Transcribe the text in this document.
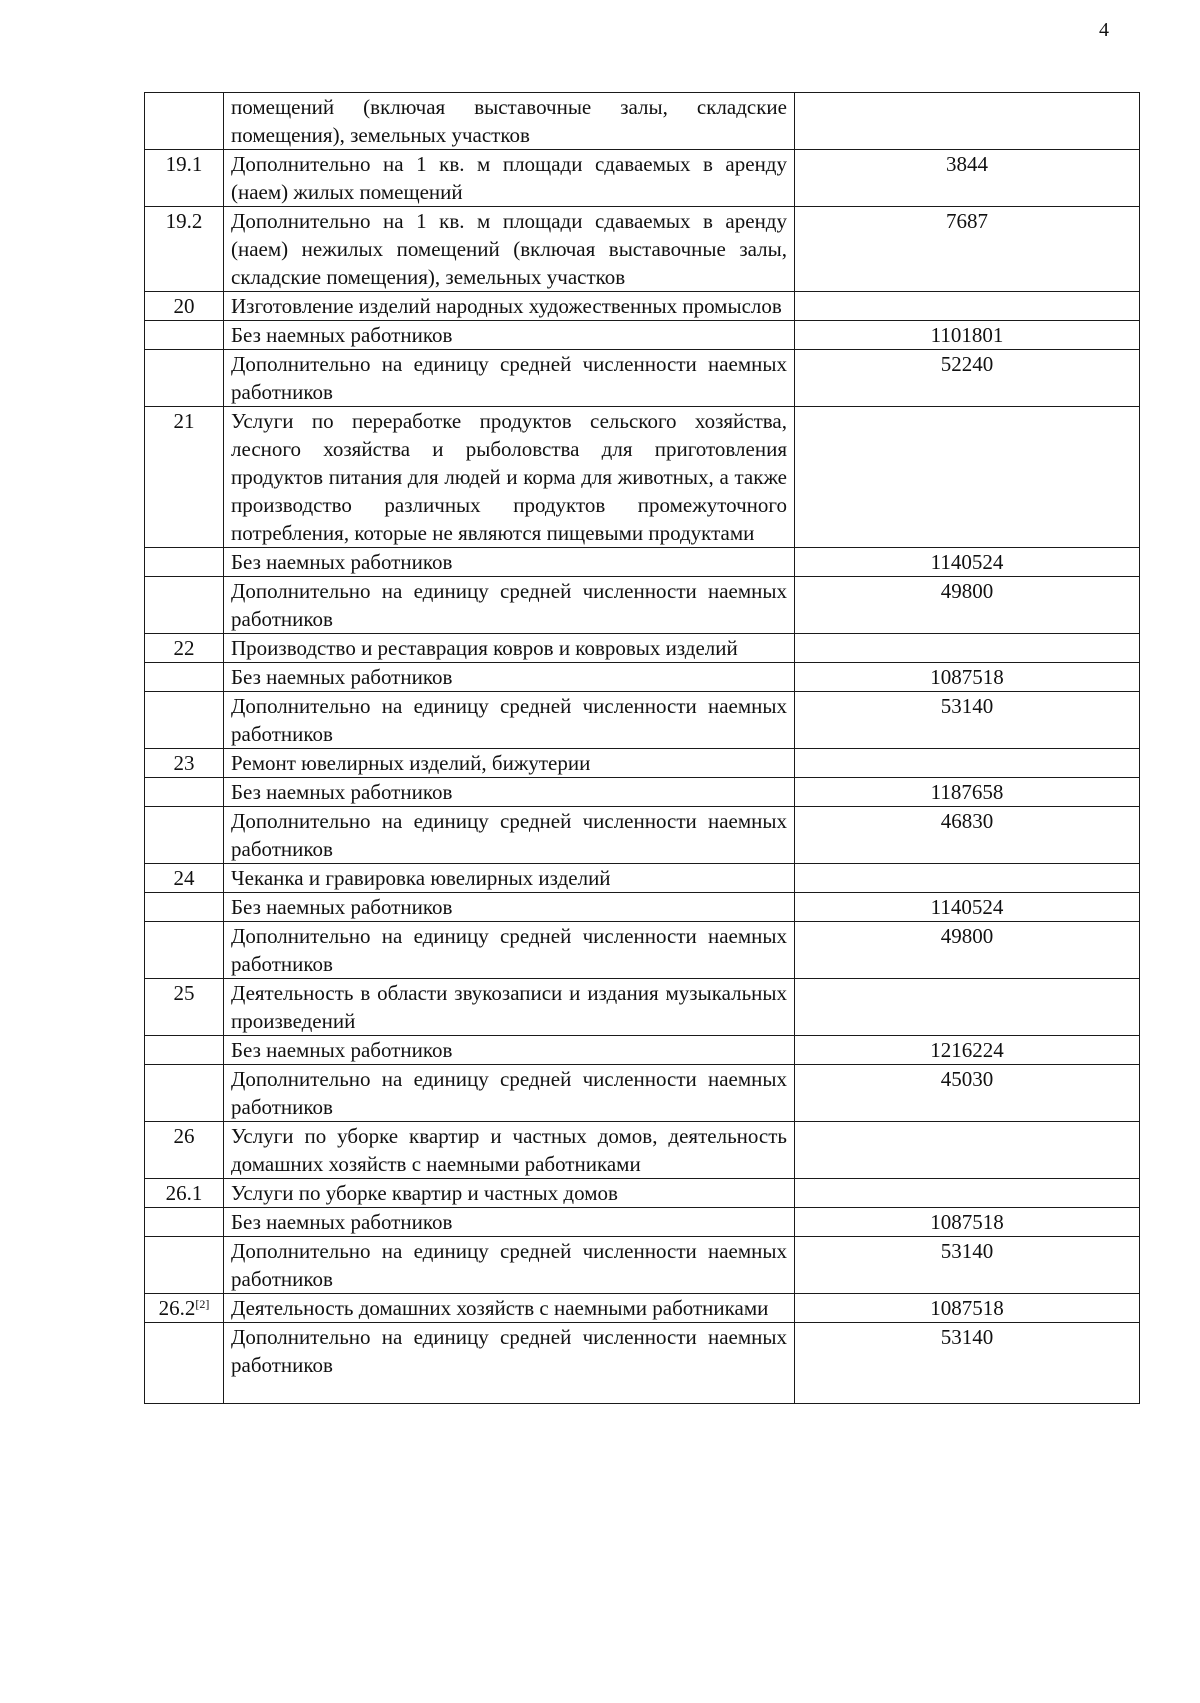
4
	помещений (включая выставочные залы, складские помещения), земельных участков	
19.1	Дополнительно на 1 кв. м площади сдаваемых в аренду (наем) жилых помещений	3844
19.2	Дополнительно на 1 кв. м площади сдаваемых в аренду (наем) нежилых помещений (включая выставочные залы, складские помещения), земельных участков	7687
20	Изготовление изделий народных художественных промыслов	
	Без наемных работников	1101801
	Дополнительно на единицу средней численности наемных работников	52240
21	Услуги по переработке продуктов сельского хозяйства, лесного хозяйства и рыболовства для приготовления продуктов питания для людей и корма для животных, а также производство различных продуктов промежуточного потребления, которые не являются пищевыми продуктами	
	Без наемных работников	1140524
	Дополнительно на единицу средней численности наемных работников	49800
22	Производство и реставрация ковров и ковровых изделий	
	Без наемных работников	1087518
	Дополнительно на единицу средней численности наемных работников	53140
23	Ремонт ювелирных изделий, бижутерии	
	Без наемных работников	1187658
	Дополнительно на единицу средней численности наемных работников	46830
24	Чеканка и гравировка ювелирных изделий	
	Без наемных работников	1140524
	Дополнительно на единицу средней численности наемных работников	49800
25	Деятельность в области звукозаписи и издания музыкальных произведений	
	Без наемных работников	1216224
	Дополнительно на единицу средней численности наемных работников	45030
26	Услуги по уборке квартир и частных домов, деятельность домашних хозяйств с наемными работниками	
26.1	Услуги по уборке квартир и частных домов	
	Без наемных работников	1087518
	Дополнительно на единицу средней численности наемных работников	53140
26.2[2]	Деятельность домашних хозяйств с наемными работниками	1087518
	Дополнительно на единицу средней численности наемных работников	53140
